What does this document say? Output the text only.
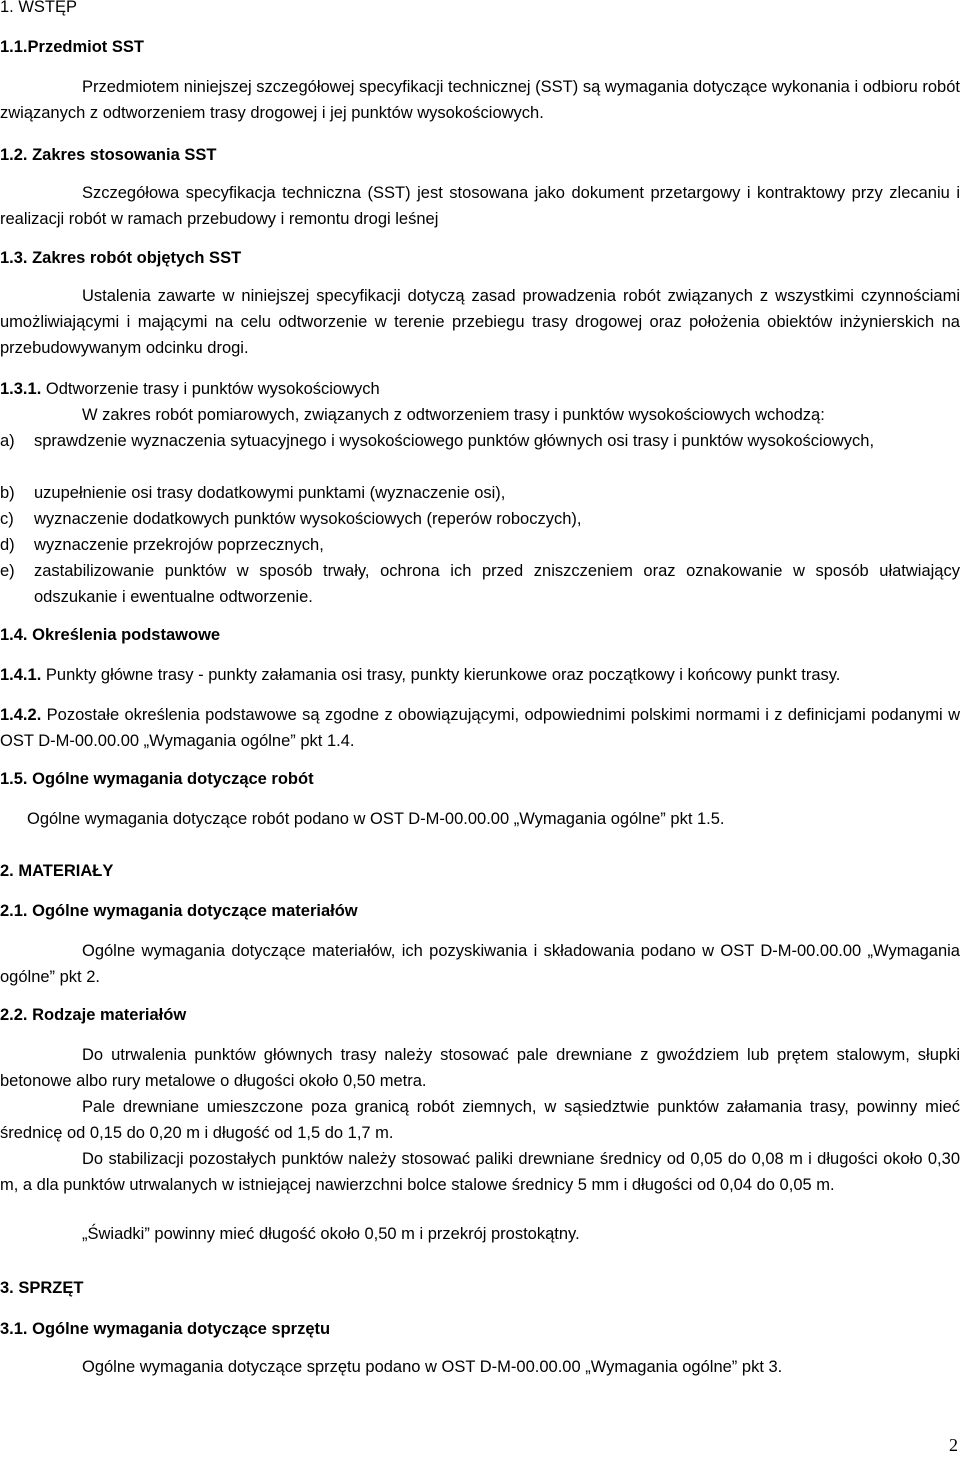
1. WSTĘP
1.1.Przedmiot SST

Przedmiotem niniejszej szczegółowej specyfikacji technicznej (SST) są wymagania dotyczące wykonania i odbioru robót związanych z odtworzeniem trasy drogowej i jej punktów wysokościowych.

1.2. Zakres stosowania SST

Szczegółowa specyfikacja techniczna (SST) jest stosowana jako dokument przetargowy i kontraktowy przy zlecaniu i realizacji robót w ramach przebudowy i remontu drogi leśnej

1.3. Zakres robót objętych SST

Ustalenia zawarte w niniejszej specyfikacji dotyczą zasad prowadzenia robót związanych z wszystkimi czynnościami umożliwiającymi i mającymi na celu odtworzenie w terenie przebiegu trasy drogowej oraz położenia obiektów inżynierskich na przebudowywanym odcinku drogi.

1.3.1. Odtworzenie trasy i punktów wysokościowych

W zakres robót pomiarowych, związanych z odtworzeniem trasy i punktów wysokościowych wchodzą:

a) sprawdzenie wyznaczenia sytuacyjnego i wysokościowego punktów głównych osi trasy i punktów wysokościowych,
b) uzupełnienie osi trasy dodatkowymi punktami (wyznaczenie osi),
c) wyznaczenie dodatkowych punktów wysokościowych (reperów roboczych),
d) wyznaczenie przekrojów poprzecznych,
e) zastabilizowanie punktów w sposób trwały, ochrona ich przed zniszczeniem oraz oznakowanie w sposób ułatwiający odszukanie i ewentualne odtworzenie.
1.4. Określenia podstawowe

1.4.1. Punkty główne trasy - punkty załamania osi trasy, punkty kierunkowe oraz początkowy i końcowy punkt trasy.

1.4.2. Pozostałe określenia podstawowe są zgodne z obowiązującymi, odpowiednimi polskimi normami i z definicjami podanymi w OST D-M-00.00.00 „Wymagania ogólne” pkt 1.4.

1.5. Ogólne wymagania dotyczące robót

Ogólne wymagania dotyczące robót podano w OST D-M-00.00.00 „Wymagania ogólne” pkt 1.5.

2. MATERIAŁY
2.1. Ogólne wymagania dotyczące materiałów

Ogólne wymagania dotyczące materiałów, ich pozyskiwania i składowania podano w OST D-M-00.00.00 „Wymagania ogólne” pkt 2.

2.2. Rodzaje materiałów

Do utrwalenia punktów głównych trasy należy stosować pale drewniane z gwoździem lub prętem stalowym, słupki betonowe albo rury metalowe o długości około 0,50 metra.

Pale drewniane umieszczone poza granicą robót ziemnych, w sąsiedztwie punktów załamania trasy, powinny mieć średnicę od 0,15 do 0,20 m i długość od 1,5 do 1,7 m.

Do stabilizacji pozostałych punktów należy stosować paliki drewniane średnicy od 0,05 do 0,08 m i długości około 0,30 m, a dla punktów utrwalanych w istniejącej nawierzchni bolce stalowe średnicy 5 mm i długości od 0,04 do 0,05 m.

„Świadki” powinny mieć długość około 0,50 m i przekrój prostokątny.

3. SPRZĘT
3.1. Ogólne wymagania dotyczące sprzętu

Ogólne wymagania dotyczące sprzętu podano w OST D-M-00.00.00 „Wymagania ogólne” pkt 3.

2
